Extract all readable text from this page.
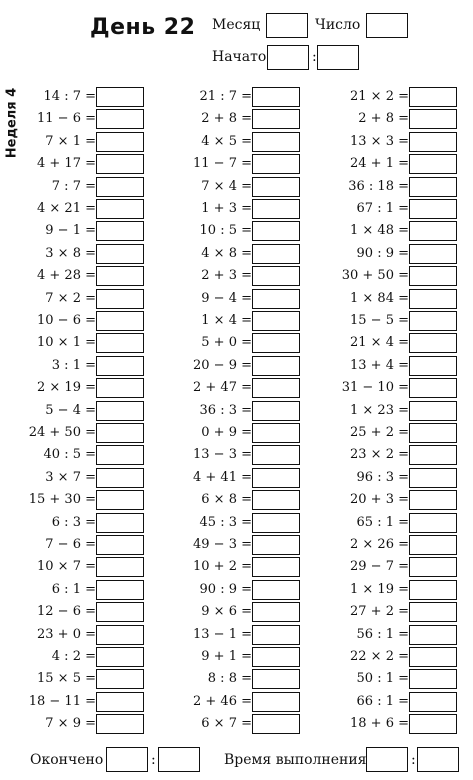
День 22 Месяц	Число
Начато	:
Неделя 4 14 : 7 =
11 − 6 =
7 × 1 =
4 + 17 =
7 : 7 =
4 × 21 =
9 − 1 =
3 × 8 =
4 + 28 =
7 × 2 =
10 − 6 =
10 × 1 =
3 : 1 =
2 × 19 =
5 − 4 =
24 + 50 =
40 : 5 =
3 × 7 =
15 + 30 =
6 : 3 =
7 − 6 =
10 × 7 =
6 : 1 =
12 − 6 =
23 + 0 =
4 : 2 =
15 × 5 =
18 − 11 =
7 × 9 =
21 : 7 =
2 + 8 =
4 × 5 =
11 − 7 =
7 × 4 =
1 + 3 =
10 : 5 =
4 × 8 =
2 + 3 =
9 − 4 =
1 × 4 =
5 + 0 =
20 − 9 =
2 + 47 =
36 : 3 =
0 + 9 =
13 − 3 =
4 + 41 =
6 × 8 =
45 : 3 =
49 − 3 =
10 + 2 =
90 : 9 =
9 × 6 =
13 − 1 =
9 + 1 =
8 : 8 =
2 + 46 =
6 × 7 =
21 × 2 =
2 + 8 =
13 × 3 =
24 + 1 =
36 : 18 =
67 : 1 =
1 × 48 =
90 : 9 =
30 + 50 =
1 × 84 =
15 − 5 =
21 × 4 =
13 + 4 =
31 − 10 =
1 × 23 =
25 + 2 =
23 × 2 =
96 : 3 =
20 + 3 =
65 : 1 =
2 × 26 =
29 − 7 =
1 × 19 =
27 + 2 =
56 : 1 =
22 × 2 =
50 : 1 =
66 : 1 =
18 + 6 =
Окончено	:	Время выполнения	:
